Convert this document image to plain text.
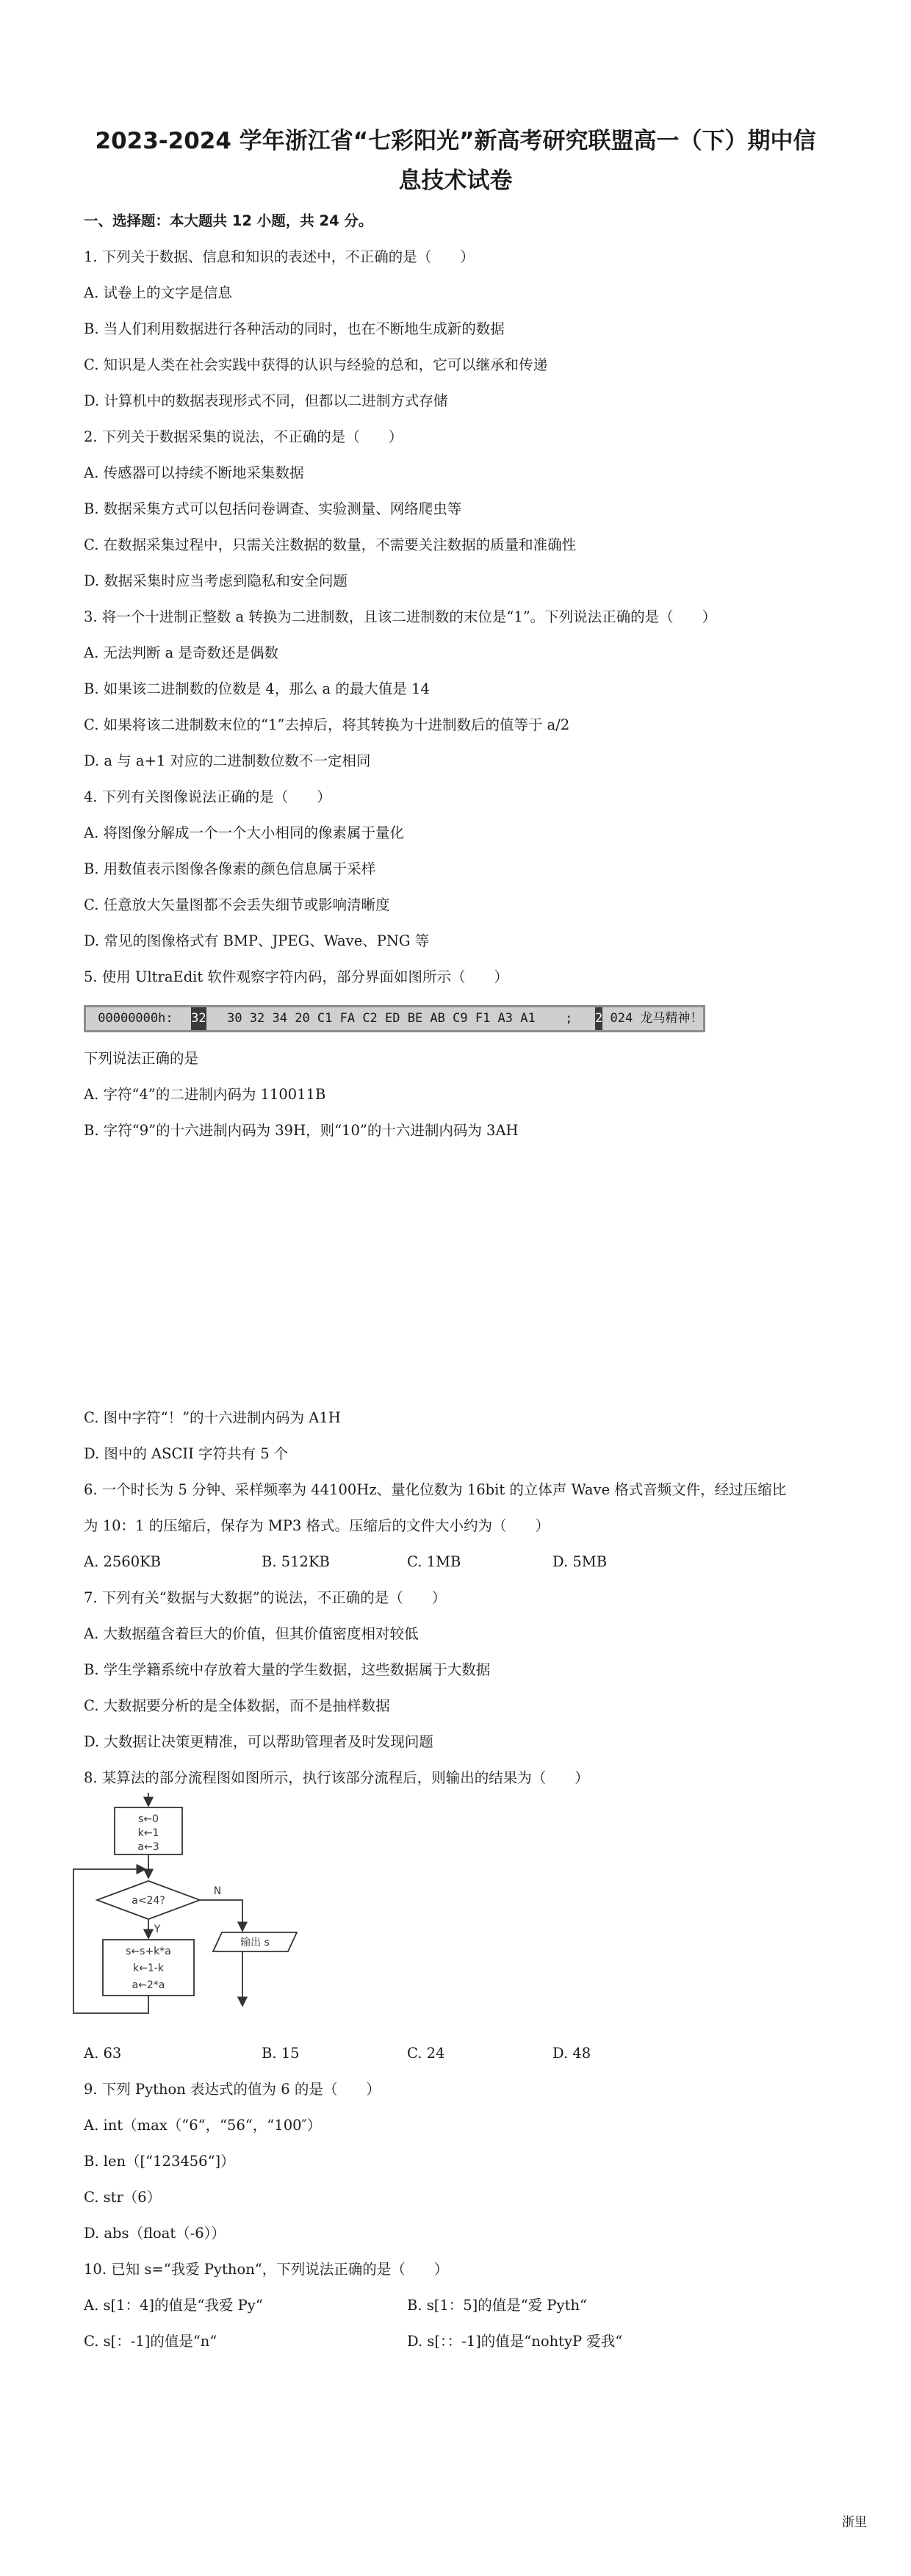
2023-2024 学年浙江省“七彩阳光”新高考研究联盟高一（下）期中信
息技术试卷
一、选择题：本大题共 12 小题，共 24 分。
1. 下列关于数据、信息和知识的表述中，不正确的是（　　）
A. 试卷上的文字是信息
B. 当人们利用数据进行各种活动的同时，也在不断地生成新的数据
C. 知识是人类在社会实践中获得的认识与经验的总和，它可以继承和传递
D. 计算机中的数据表现形式不同，但都以二进制方式存储
2. 下列关于数据采集的说法，不正确的是（　　）
A. 传感器可以持续不断地采集数据
B. 数据采集方式可以包括问卷调查、实验测量、网络爬虫等
C. 在数据采集过程中，只需关注数据的数量，不需要关注数据的质量和准确性
D. 数据采集时应当考虑到隐私和安全问题
3. 将一个十进制正整数 a 转换为二进制数，且该二进制数的末位是“1”。下列说法正确的是（　　）
A. 无法判断 a 是奇数还是偶数
B. 如果该二进制数的位数是 4，那么 a 的最大值是 14
C. 如果将该二进制数末位的“1”去掉后，将其转换为十进制数后的值等于 a/2
D. a 与 a+1 对应的二进制数位数不一定相同
4. 下列有关图像说法正确的是（　　）
A. 将图像分解成一个一个大小相同的像素属于量化
B. 用数值表示图像各像素的颜色信息属于采样
C. 任意放大矢量图都不会丢失细节或影响清晰度
D. 常见的图像格式有 BMP、JPEG、Wave、PNG 等
5. 使用 UltraEdit 软件观察字符内码，部分界面如图所示（　　）
00000000h: 32 30 32 34 20 C1 FA C2 ED BE AB C9 F1 A3 A1 ; 2 024 龙马精神！
下列说法正确的是
A. 字符“4”的二进制内码为 110011B
B. 字符“9”的十六进制内码为 39H，则“10”的十六进制内码为 3AH
C. 图中字符“！”的十六进制内码为 A1H
D. 图中的 ASCII 字符共有 5 个
6. 一个时长为 5 分钟、采样频率为 44100Hz、量化位数为 16bit 的立体声 Wave 格式音频文件，经过压缩比
为 10：1 的压缩后，保存为 MP3 格式。压缩后的文件大小约为（　　）
A. 2560KB	B. 512KB	C. 1MB	D. 5MB
7. 下列有关“数据与大数据”的说法，不正确的是（　　）
A. 大数据蕴含着巨大的价值，但其价值密度相对较低
B. 学生学籍系统中存放着大量的学生数据，这些数据属于大数据
C. 大数据要分析的是全体数据，而不是抽样数据
D. 大数据让决策更精准，可以帮助管理者及时发现问题
8. 某算法的部分流程图如图所示，执行该部分流程后，则输出的结果为（　　）
s←0
k←1
a←3
a<24?
N
Y
s←s+k*a
k←1-k
a←2*a
输出 s
A. 63	B. 15	C. 24	D. 48
9. 下列 Python 表达式的值为 6 的是（　　）
A. int（max（“6“，“56“，“100″）
B. len（[“123456“]）
C. str（6）
D. abs（float（-6））
10. 已知 s=“我爱 Python“，下列说法正确的是（　　）
A. s[1：4]的值是“我爱 Py“	B. s[1：5]的值是“爱 Pyth“
C. s[：-1]的值是“n“	D. s[：：-1]的值是“nohtyP 爱我“
浙里
